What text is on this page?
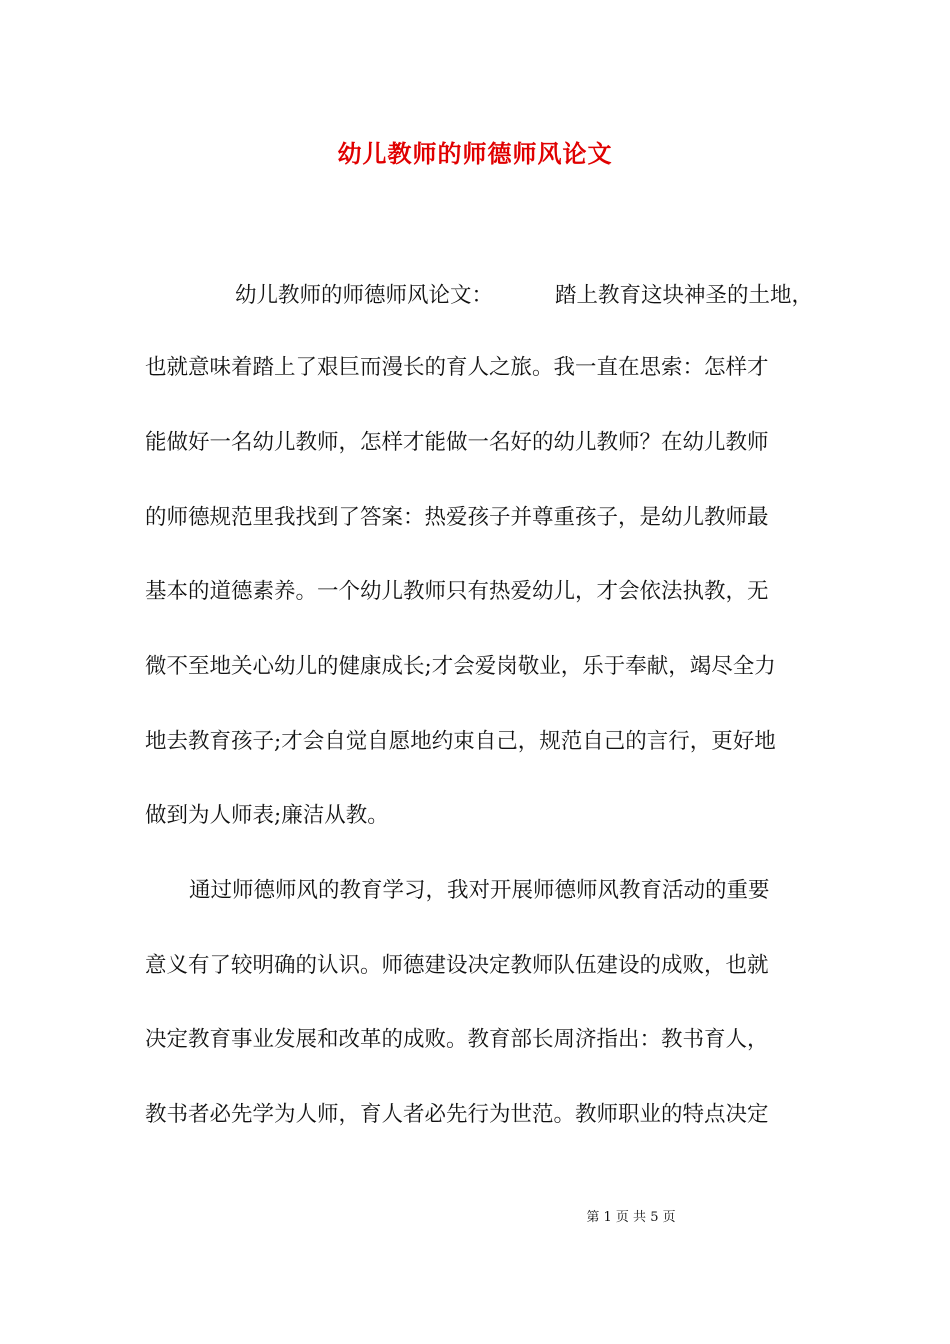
幼儿教师的师德师风论文
幼儿教师的师德师风论文：	踏上教育这块神圣的土地，
也就意味着踏上了艰巨而漫长的育人之旅。我一直在思索：怎样才
能做好一名幼儿教师，怎样才能做一名好的幼儿教师？在幼儿教师
的师德规范里我找到了答案：热爱孩子并尊重孩子，是幼儿教师最
基本的道德素养。一个幼儿教师只有热爱幼儿，才会依法执教，无
微不至地关心幼儿的健康成长;才会爱岗敬业，乐于奉献，竭尽全力
地去教育孩子;才会自觉自愿地约束自己，规范自己的言行，更好地
做到为人师表;廉洁从教。
通过师德师风的教育学习，我对开展师德师风教育活动的重要
意义有了较明确的认识。师德建设决定教师队伍建设的成败，也就
决定教育事业发展和改革的成败。教育部长周济指出：教书育人，
教书者必先学为人师，育人者必先行为世范。教师职业的特点决定
第 1 页 共 5 页
